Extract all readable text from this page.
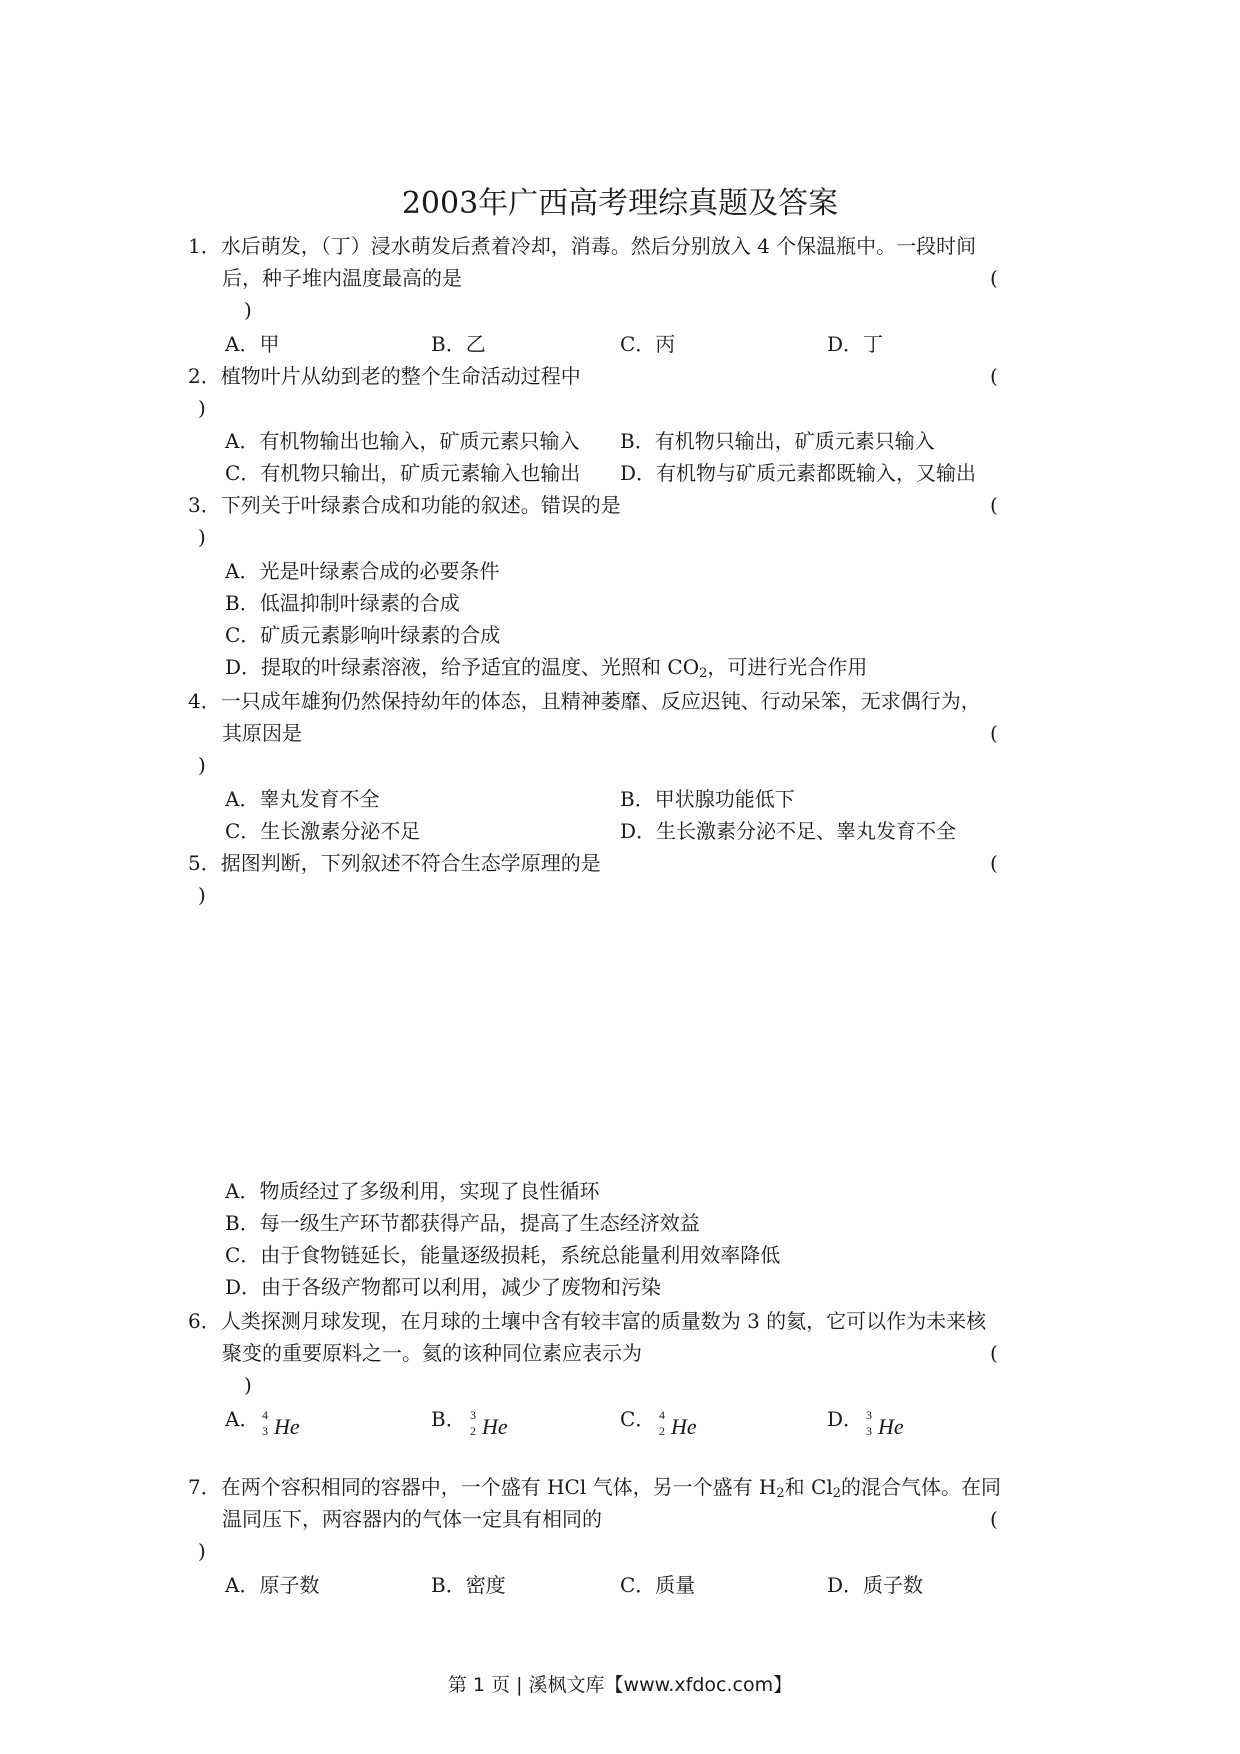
2003年广西高考理综真题及答案
1．水后萌发，（丁）浸水萌发后煮着冷却，消毒。然后分别放入 4 个保温瓶中。一段时间
后，种子堆内温度最高的是	(
)
A．甲	B．乙	C．丙	D．丁
2．植物叶片从幼到老的整个生命活动过程中	(
)
A．有机物输出也输入，矿质元素只输入 B．有机物只输出，矿质元素只输入
C．有机物只输出，矿质元素输入也输出 D．有机物与矿质元素都既输入，又输出
3．下列关于叶绿素合成和功能的叙述。错误的是	(
)
A．光是叶绿素合成的必要条件
B．低温抑制叶绿素的合成
C．矿质元素影响叶绿素的合成
D．提取的叶绿素溶液，给予适宜的温度、光照和 $CO_2$，可进行光合作用
4．一只成年雄狗仍然保持幼年的体态，且精神萎靡、反应迟钝、行动呆笨，无求偶行为，
其原因是	(
)
A．睾丸发育不全	B．甲状腺功能低下
C．生长激素分泌不足	D．生长激素分泌不足、睾丸发育不全
5．据图判断，下列叙述不符合生态学原理的是	(
)
A．物质经过了多级利用，实现了良性循环
B．每一级生产环节都获得产品，提高了生态经济效益
C．由于食物链延长，能量逐级损耗，系统总能量利用效率降低
D．由于各级产物都可以利用，减少了废物和污染
6．人类探测月球发现，在月球的土壤中含有较丰富的质量数为 3 的氦，它可以作为未来核
聚变的重要原料之一。氦的该种同位素应表示为	(
)
A． 4
3 He	B． 3
2 He	C． 4
2 He	D． 3
3 He
7．在两个容积相同的容器中，一个盛有 HCl 气体，另一个盛有 $H_2$和 $Cl_2$的混合气体。在同
温同压下，两容器内的气体一定具有相同的	(
)
A．原子数	B．密度	C．质量	D．质子数
第 1 页 | 溪枫文库【www.xfdoc.com】
